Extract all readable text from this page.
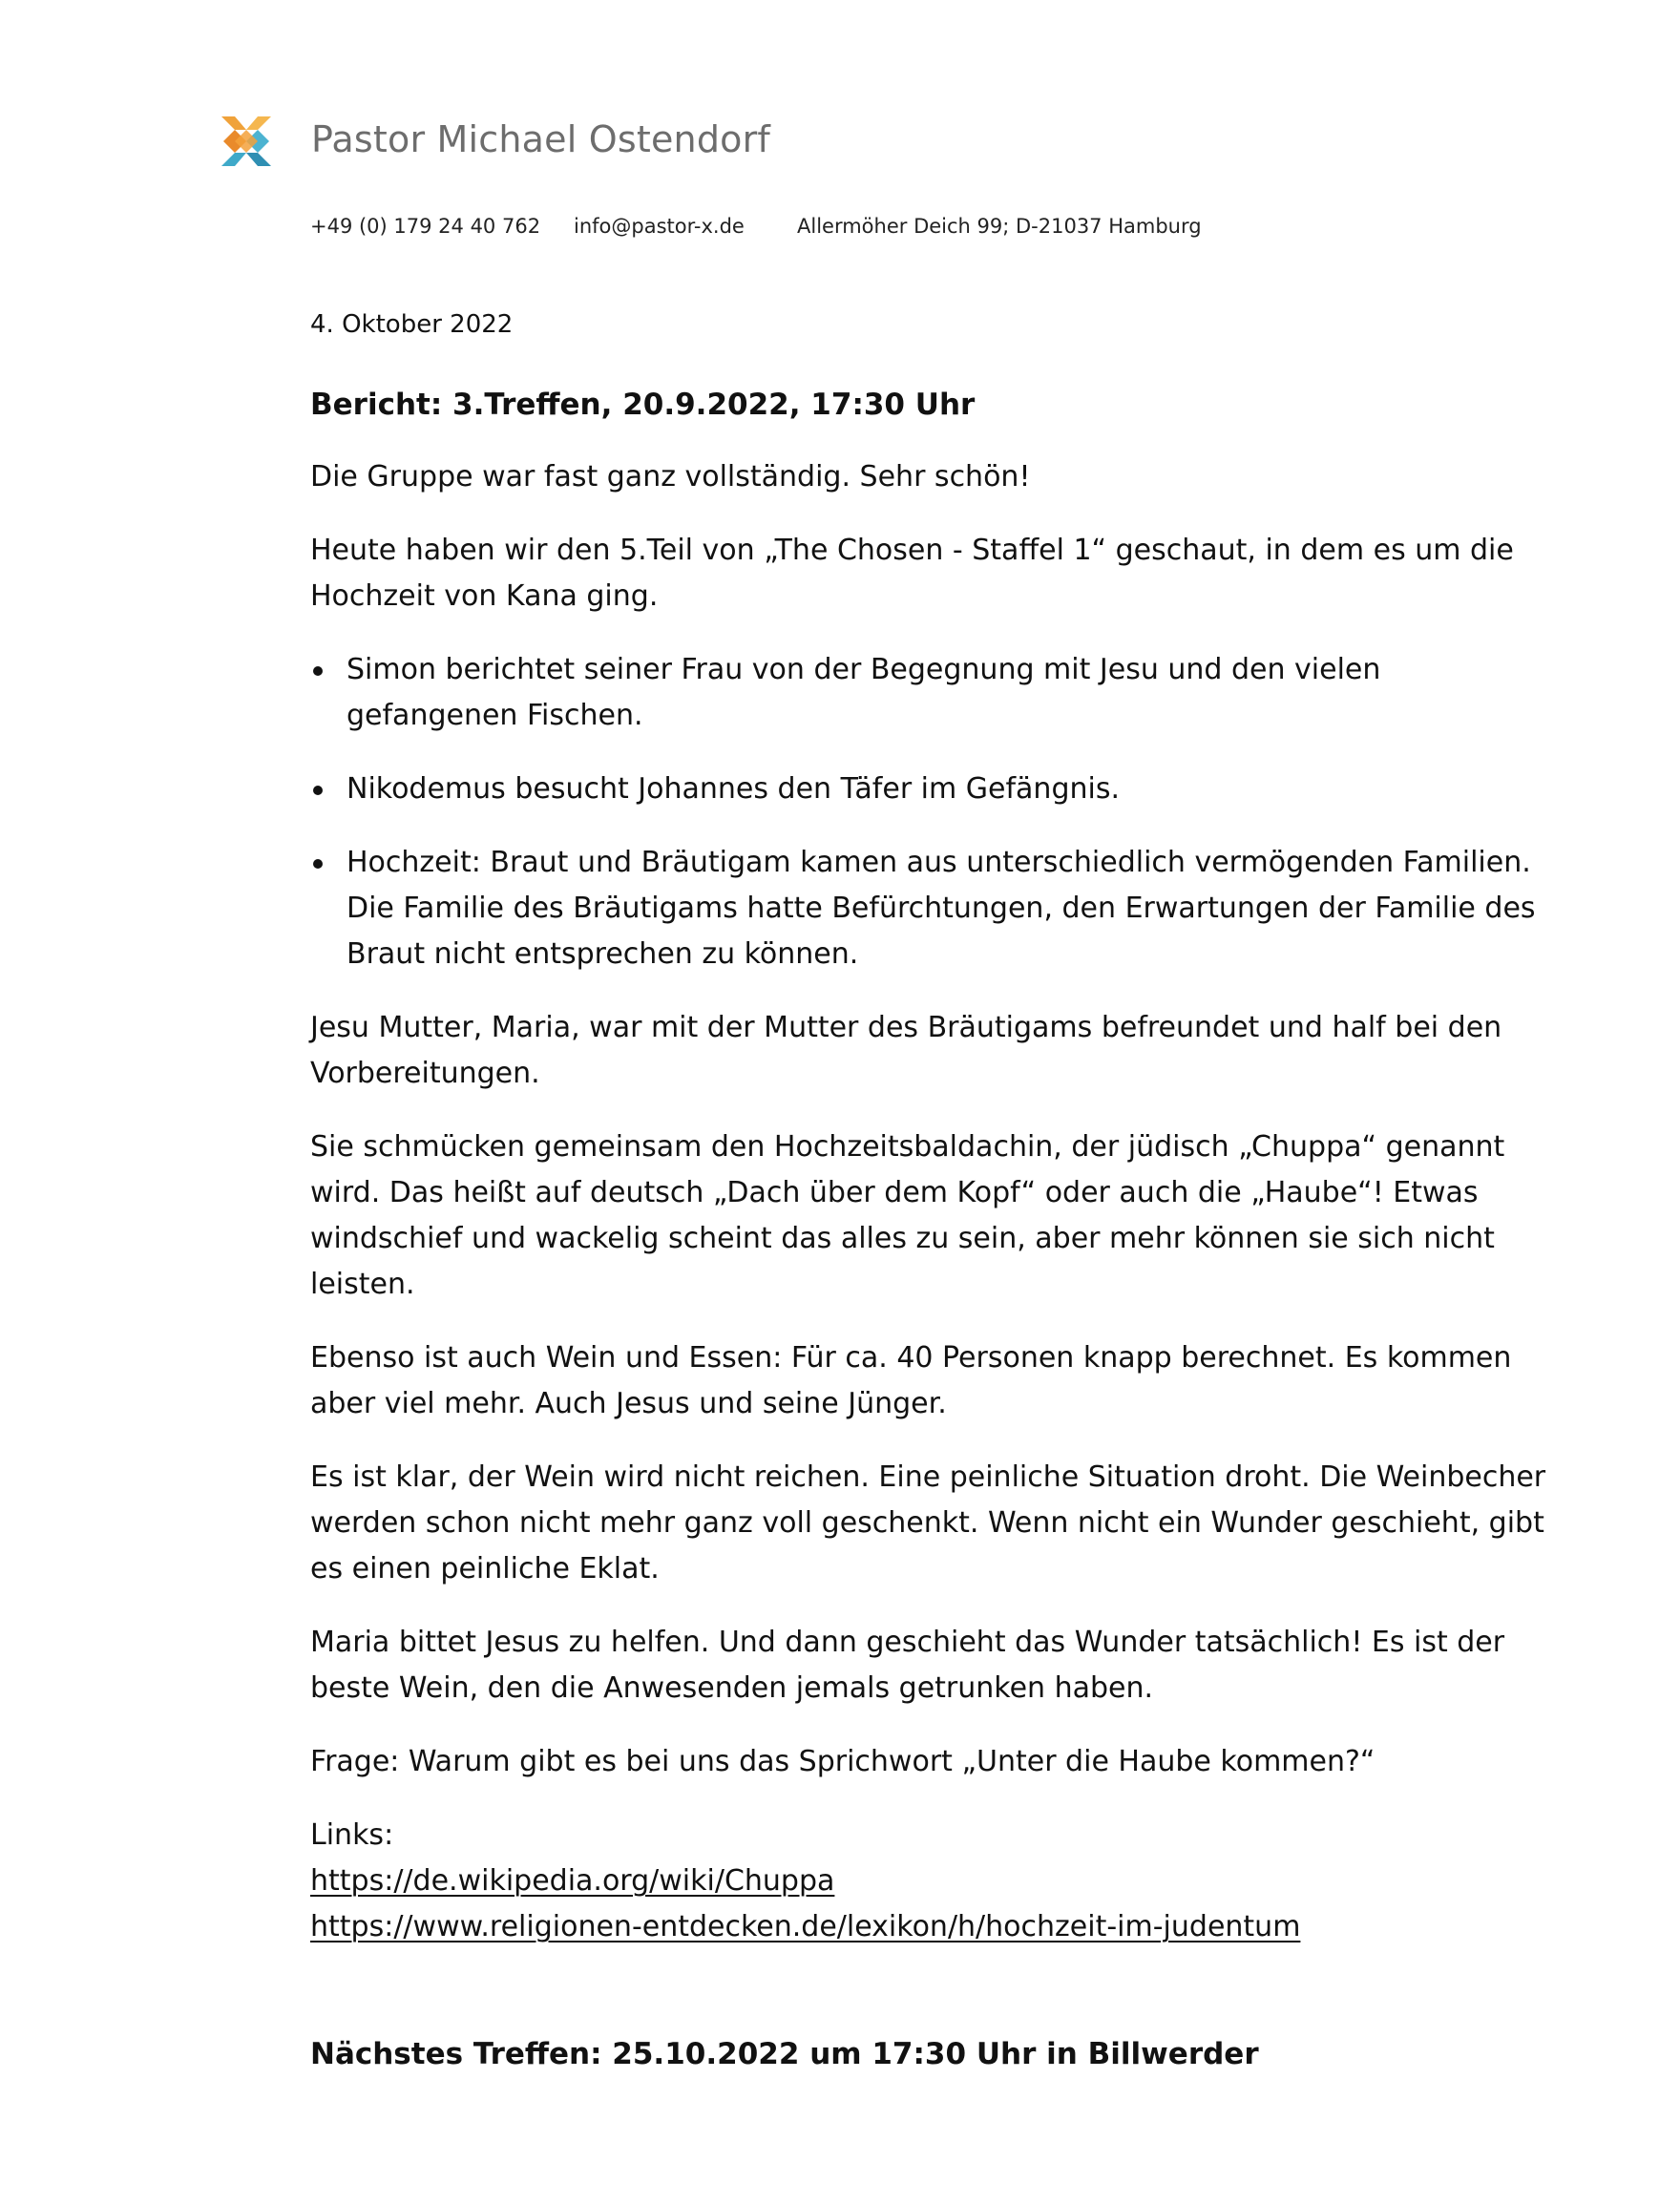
Pastor Michael Ostendorf
+49 (0) 179 24 40 762 info@pastor-x.de	Allermöher Deich 99; D-21037 Hamburg
4. Oktober 2022
Bericht: 3.Treffen, 20.9.2022, 17:30 Uhr

Die Gruppe war fast ganz vollständig. Sehr schön!

Heute haben wir den 5.Teil von „The Chosen - Staffel 1“ geschaut, in dem es um die Hochzeit von Kana ging.

Simon berichtet seiner Frau von der Begegnung mit Jesu und den vielen gefangenen Fischen.
Nikodemus besucht Johannes den Täfer im Gefängnis.
Hochzeit: Braut und Bräutigam kamen aus unterschiedlich vermögenden Familien. Die Familie des Bräutigams hatte Befürchtungen, den Erwartungen der Familie des Braut nicht entsprechen zu können.

Jesu Mutter, Maria, war mit der Mutter des Bräutigams befreundet und half bei den Vorbereitungen.

Sie schmücken gemeinsam den Hochzeitsbaldachin, der jüdisch „Chuppa“ genannt wird. Das heißt auf deutsch „Dach über dem Kopf“ oder auch die „Haube“! Etwas windschief und wackelig scheint das alles zu sein, aber mehr können sie sich nicht leisten.

Ebenso ist auch Wein und Essen: Für ca. 40 Personen knapp berechnet. Es kommen aber viel mehr. Auch Jesus und seine Jünger.

Es ist klar, der Wein wird nicht reichen. Eine peinliche Situation droht. Die Weinbecher werden schon nicht mehr ganz voll geschenkt. Wenn nicht ein Wunder geschieht, gibt es einen peinliche Eklat.

Maria bittet Jesus zu helfen. Und dann geschieht das Wunder tatsächlich! Es ist der beste Wein, den die Anwesenden jemals getrunken haben.

Frage: Warum gibt es bei uns das Sprichwort „Unter die Haube kommen?“

Links:
https://de.wikipedia.org/wiki/Chuppa
https://www.religionen-entdecken.de/lexikon/h/hochzeit-im-judentum
Nächstes Treffen: 25.10.2022 um 17:30 Uhr in Billwerder
